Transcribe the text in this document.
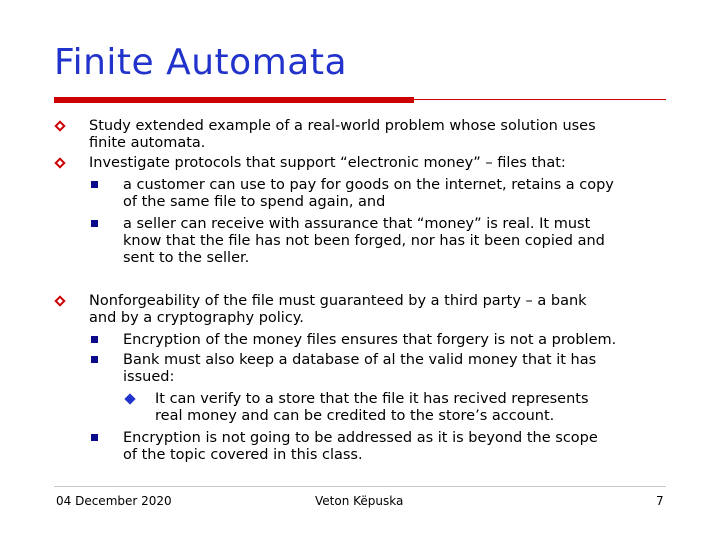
Finite Automata
Study extended example of a real-world problem whose solution uses
finite automata.
Investigate protocols that support “electronic money” – files that:
a customer can use to pay for goods on the internet, retains a copy
of the same file to spend again, and
a seller can receive with assurance that “money” is real. It must
know that the file has not been forged, nor has it been copied and
sent to the seller.
Nonforgeability of the file must guaranteed by a third party – a bank
and by a cryptography policy.
Encryption of the money files ensures that forgery is not a problem.
Bank must also keep a database of al the valid money that it has
issued:
It can verify to a store that the file it has recived represents
real money and can be credited to the store’s account.
Encryption is not going to be addressed as it is beyond the scope
of the topic covered in this class.
04 December 2020	Veton Këpuska	7
